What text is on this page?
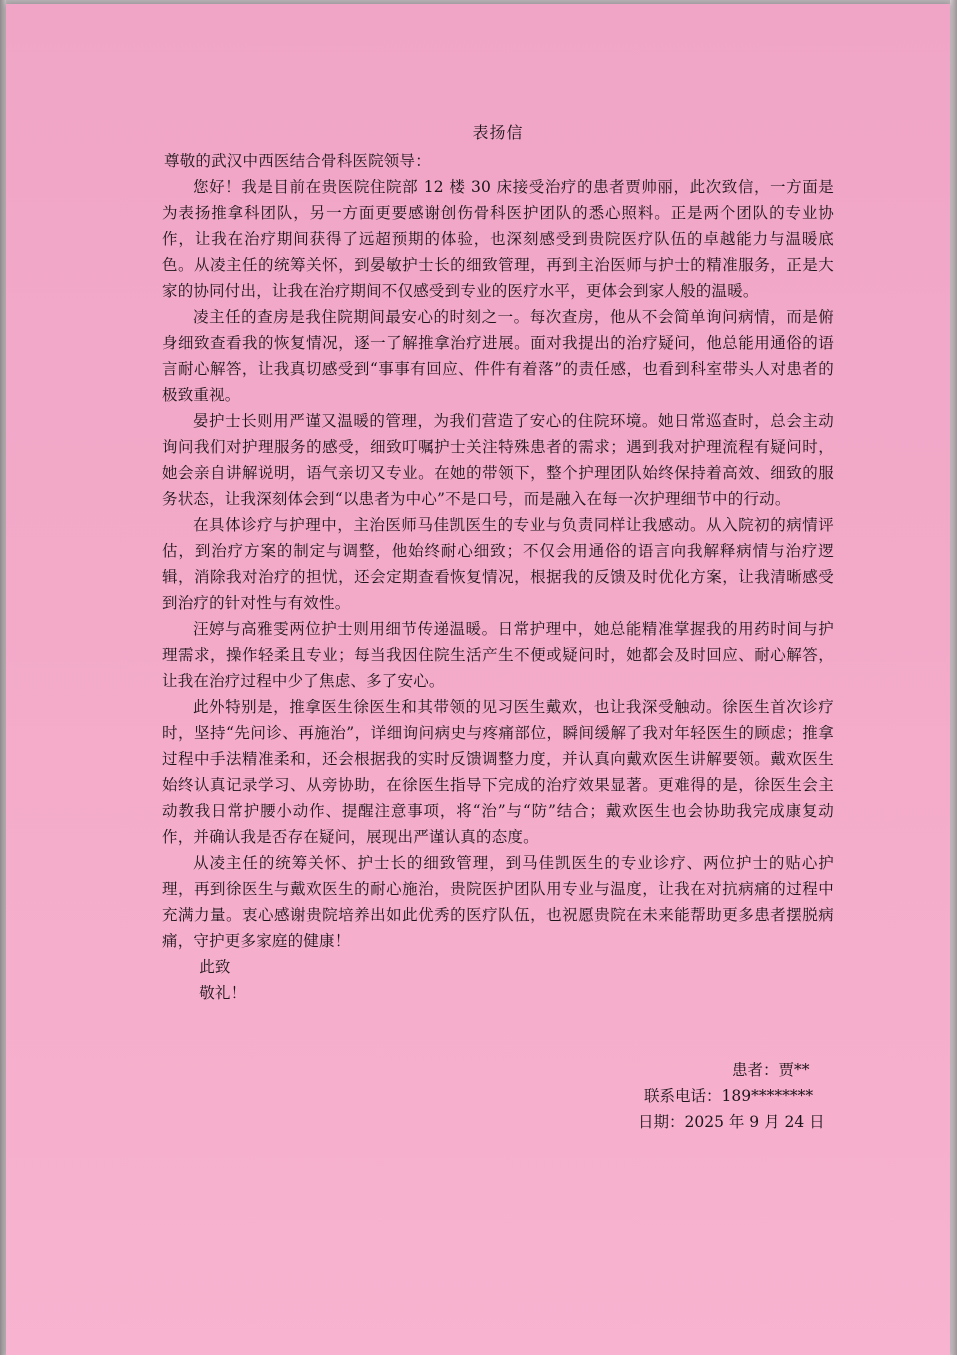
表扬信

尊敬的武汉中西医结合骨科医院领导：

您好！我是目前在贵医院住院部 12 楼 30 床接受治疗的患者贾帅丽，此次致信，一方面是为表扬推拿科团队，另一方面更要感谢创伤骨科医护团队的悉心照料。正是两个团队的专业协作，让我在治疗期间获得了远超预期的体验，也深刻感受到贵院医疗队伍的卓越能力与温暖底色。从凌主任的统筹关怀，到晏敏护士长的细致管理，再到主治医师与护士的精准服务，正是大家的协同付出，让我在治疗期间不仅感受到专业的医疗水平，更体会到家人般的温暖。

凌主任的查房是我住院期间最安心的时刻之一。每次查房，他从不会简单询问病情，而是俯身细致查看我的恢复情况，逐一了解推拿治疗进展。面对我提出的治疗疑问，他总能用通俗的语言耐心解答，让我真切感受到“事事有回应、件件有着落”的责任感，也看到科室带头人对患者的极致重视。

晏护士长则用严谨又温暖的管理，为我们营造了安心的住院环境。她日常巡查时，总会主动询问我们对护理服务的感受，细致叮嘱护士关注特殊患者的需求；遇到我对护理流程有疑问时，她会亲自讲解说明，语气亲切又专业。在她的带领下，整个护理团队始终保持着高效、细致的服务状态，让我深刻体会到“以患者为中心”不是口号，而是融入在每一次护理细节中的行动。

在具体诊疗与护理中，主治医师马佳凯医生的专业与负责同样让我感动。从入院初的病情评估，到治疗方案的制定与调整，他始终耐心细致；不仅会用通俗的语言向我解释病情与治疗逻辑，消除我对治疗的担忧，还会定期查看恢复情况，根据我的反馈及时优化方案，让我清晰感受到治疗的针对性与有效性。

汪婷与高雅雯两位护士则用细节传递温暖。日常护理中，她总能精准掌握我的用药时间与护理需求，操作轻柔且专业；每当我因住院生活产生不便或疑问时，她都会及时回应、耐心解答，让我在治疗过程中少了焦虑、多了安心。

此外特别是，推拿医生徐医生和其带领的见习医生戴欢，也让我深受触动。徐医生首次诊疗时，坚持“先问诊、再施治”，详细询问病史与疼痛部位，瞬间缓解了我对年轻医生的顾虑；推拿过程中手法精准柔和，还会根据我的实时反馈调整力度，并认真向戴欢医生讲解要领。戴欢医生始终认真记录学习、从旁协助，在徐医生指导下完成的治疗效果显著。更难得的是，徐医生会主动教我日常护腰小动作、提醒注意事项，将“治”与“防”结合；戴欢医生也会协助我完成康复动作，并确认我是否存在疑问，展现出严谨认真的态度。

从凌主任的统筹关怀、护士长的细致管理，到马佳凯医生的专业诊疗、两位护士的贴心护理，再到徐医生与戴欢医生的耐心施治，贵院医护团队用专业与温度，让我在对抗病痛的过程中充满力量。衷心感谢贵院培养出如此优秀的医疗队伍，也祝愿贵院在未来能帮助更多患者摆脱病痛，守护更多家庭的健康！

此致

敬礼！

患者：贾**
联系电话：189********
日期：2025 年 9 月 24 日
